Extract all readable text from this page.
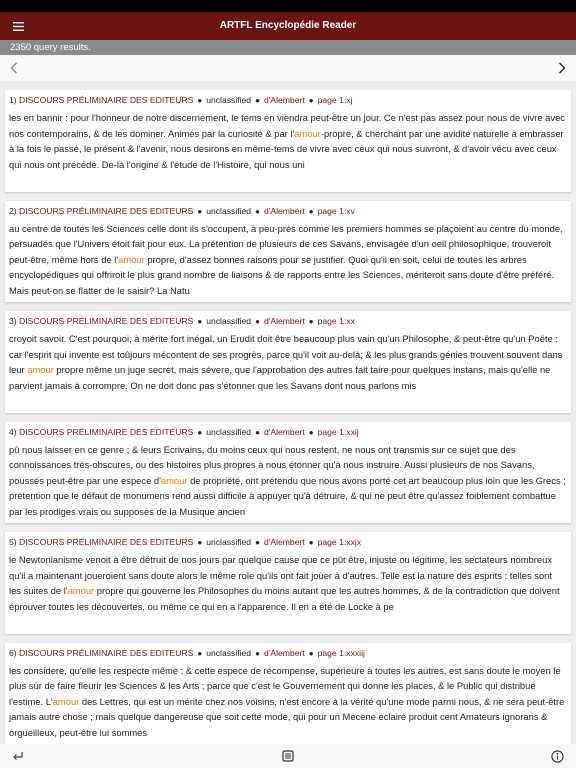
ARTFL Encyclopédie Reader
2350 query results.
1) DISCOURS PRÉLIMINAIRE DES EDITEURS ● unclassified ● d'Alembert ● page 1:xj
les en bannir : pour l'honneur de notre discernement, le tems en viendra peut-être un jour. Ce n'est pas assez pour nous de vivre avec nos contemporains, & de les dominer. Animés par la curiosité & par l'amour-propre, & cherchant par une avidité naturelle à embrasser à la fois le passé, le présent & l'avenir, nous desirons en même-tems de vivre avec ceux qui nous suivront, & d'avoir vécu avec ceux qui nous ont précédé. De-là l'origine & l'étude de l'Histoire, qui nous uni
2) DISCOURS PRÉLIMINAIRE DES EDITEURS ● unclassified ● d'Alembert ● page 1:xv
au centre de toutes les Sciences celle dont ils s'occupent, à peu-près comme les premiers hommes se plaçoient au centre du monde, persuadés que l'Univers étoit fait pour eux. La prétention de plusieurs de ces Savans, envisagée d'un oeil philosophique, trouveroit peut-être, même hors de l'amour propre, d'assez bonnes raisons pour se justifier. Quoi qu'il en soit, celui de toutes les arbres encyclopédiques qui offriroit le plus grand nombre de liaisons & de rapports entre les Sciences, mériteroit sans doute d'être préféré. Mais peut-on se flatter de le saisir? La Natu
3) DISCOURS PRÉLIMINAIRE DES EDITEURS ● unclassified ● d'Alembert ● page 1:xx
croyoit savoir. C'est pourquoi, à mérite fort inégal, un Erudit doit être beaucoup plus vain qu'un Philosophe, & peut-être qu'un Poëte : car l'esprit qui invente est toûjours mécontent de ses progrès, parce qu'il voit au-delà; & les plus grands génies trouvent souvent dans leur amour propre même un juge secret, mais sévere, que l'approbation des autres fait taire pour quelques instans, mais qu'elle ne parvient jamais à corrompre. On ne doit donc pas s'étonner que les Savans dont nous parlons mis
4) DISCOURS PRÉLIMINAIRE DES EDITEURS ● unclassified ● d'Alembert ● page 1:xxij
pû nous laisser en ce genre ; & leurs Ecrivains, du moins ceux qui nous restent, ne nous ont transmis sur ce sujet que des connoissances très-obscures, ou des histoires plus propres à nous étonner qu'à nous instruire. Aussi plusieurs de nos Savans, poussés peut-être par une espece d'amour de propriété, ont prétendu que nous avons porté cet art beaucoup plus loin que les Grecs ; prétention que le défaut de monumens rend aussi difficile à appuyer qu'à détruire, & qui ne peut être qu'assez foiblement combattue par les prodiges vrais ou supposés de la Musique ancien
5) DISCOURS PRÉLIMINAIRE DES EDITEURS ● unclassified ● d'Alembert ● page 1:xxjx
le Newtonianisme venoit à être détruit de nos jours par quelque cause que ce pût être, injuste ou légitime, les sectateurs nombreux qu'il a maintenant joueroient sans doute alors le même role qu'ils ont fait joüer à d'autres. Telle est la nature des esprits : telles sont les suites de l'amour propre qui gouverne les Philosophes du moins autant que les autres hommes, & de la contradiction que doivent éprouver toutes les découvertes, ou même ce qui en a l'apparence. Il en a été de Locke à pe
6) DISCOURS PRÉLIMINAIRE DES EDITEURS ● unclassified ● d'Alembert ● page 1:xxxiij
les considere, qu'elle les respecte même ; & cette espece de récompense, supérieure à toutes les autres, est sans doute le moyen le plus sûr de faire fleurir les Sciences & les Arts ; parce que c'est le Gouvernement qui donne les places, & le Public qui distribue l'estime. L'amour des Lettres, qui est un mérite chez nos voisins, n'est encore à la vérité qu'une mode parmi nous, & ne sera peut-être jamais autre chose ; mais quelque dangereuse que soit cette mode, qui pour un Mécene éclairé produit cent Amateurs ignorans & orgueilleux, peut-être lui sommes
